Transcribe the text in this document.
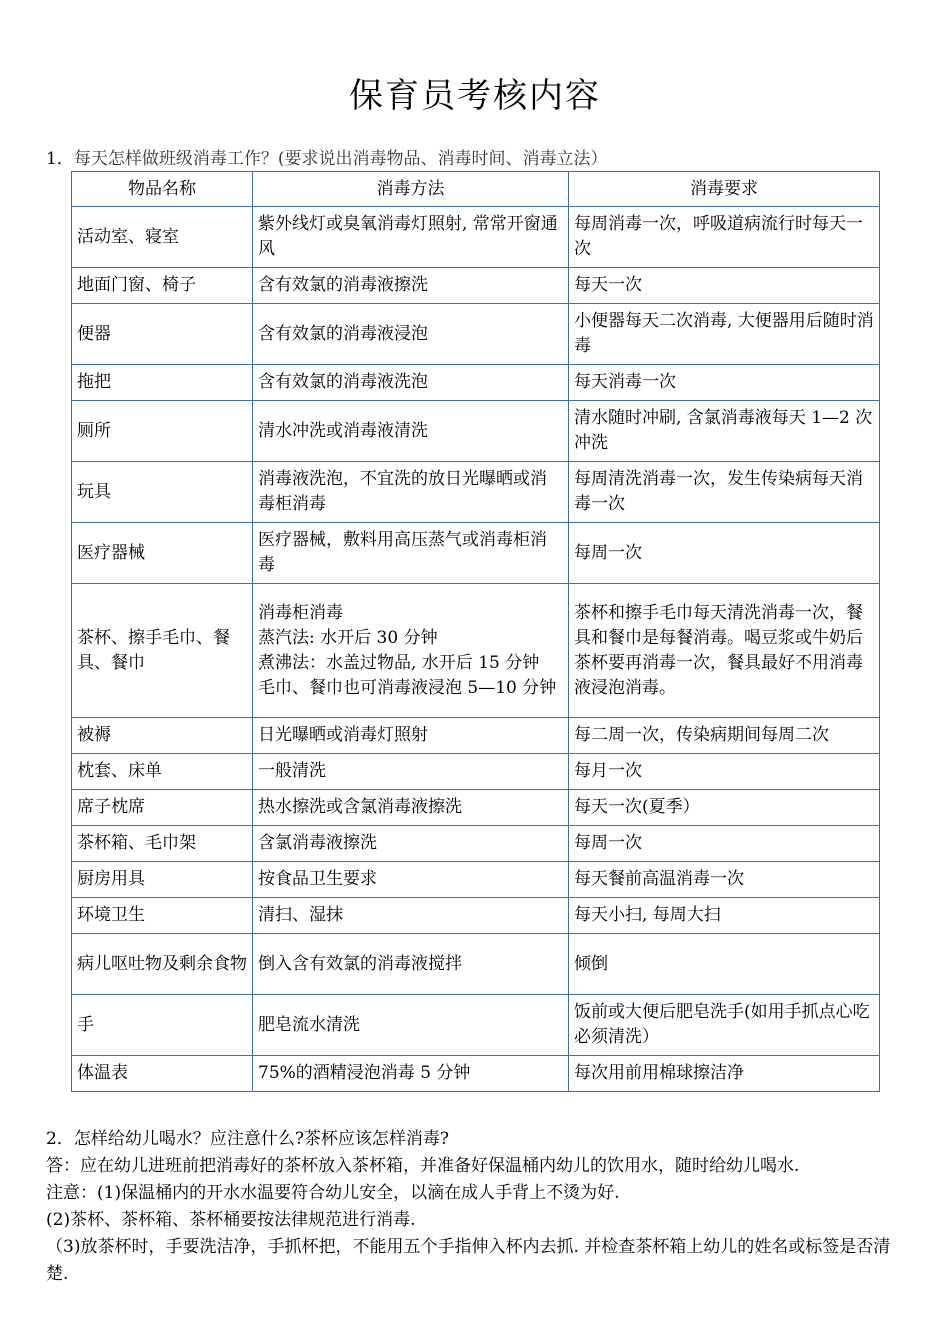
保育员考核内容
1．每天怎样做班级消毒工作？(要求说出消毒物品、消毒时间、消毒立法）
物品名称	消毒方法	消毒要求
活动室、寝室	紫外线灯或臭氧消毒灯照射, 常常开窗通风	每周消毒一次，呼吸道病流行时每天一次
地面门窗、椅子	含有效氯的消毒液擦洗	每天一次
便器	含有效氯的消毒液浸泡	小便器每天二次消毒, 大便器用后随时消毒
拖把	含有效氯的消毒液洗泡	每天消毒一次
厕所	清水冲洗或消毒液清洗	清水随时冲刷, 含氯消毒液每天 1—2 次冲洗
玩具	消毒液洗泡，不宜洗的放日光曝晒或消毒柜消毒	每周清洗消毒一次，发生传染病每天消毒一次
医疗器械	医疗器械，敷料用高压蒸气或消毒柜消毒	每周一次
茶杯、擦手毛巾、餐具、餐巾	消毒柜消毒
蒸汽法: 水开后 30 分钟
煮沸法：水盖过物品, 水开后 15 分钟
毛巾、餐巾也可消毒液浸泡 5—10 分钟	茶杯和擦手毛巾每天清洗消毒一次，餐具和餐巾是每餐消毒。喝豆浆或牛奶后茶杯要再消毒一次，餐具最好不用消毒液浸泡消毒。
被褥	日光曝晒或消毒灯照射	每二周一次，传染病期间每周二次
枕套、床单	一般清洗	每月一次
席子枕席	热水擦洗或含氯消毒液擦洗	每天一次(夏季）
茶杯箱、毛巾架	含氯消毒液擦洗	每周一次
厨房用具	按食品卫生要求	每天餐前高温消毒一次
环境卫生	清扫、湿抹	每天小扫, 每周大扫
病儿呕吐物及剩余食物	倒入含有效氯的消毒液搅拌	倾倒
手	肥皂流水清洗	饭前或大便后肥皂洗手(如用手抓点心吃必须清洗）
体温表	75%的酒精浸泡消毒 5 分钟	每次用前用棉球擦洁净

2．怎样给幼儿喝水？应注意什么?茶杯应该怎样消毒?

答：应在幼儿进班前把消毒好的茶杯放入茶杯箱，并准备好保温桶内幼儿的饮用水，随时给幼儿喝水.

注意：(1)保温桶内的开水水温要符合幼儿安全，以滴在成人手背上不烫为好.

(2)茶杯、茶杯箱、茶杯桶要按法律规范进行消毒.

（3)放茶杯时，手要洗洁净，手抓杯把，不能用五个手指伸入杯内去抓. 并检查茶杯箱上幼儿的姓名或标签是否清楚.
